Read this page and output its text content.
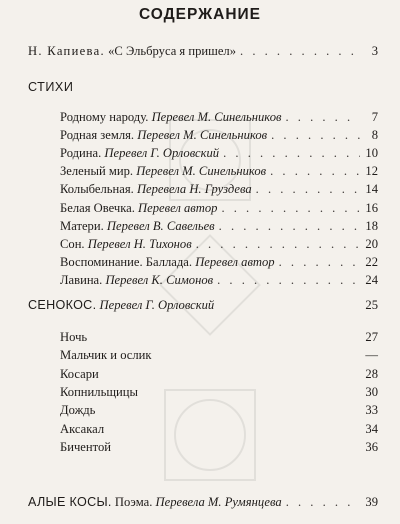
СОДЕРЖАНИЕ
Н. Капиева. «С Эльбруса я пришел» . . .	3
СТИХИ
Родному народу. Перевел М. Синельников . . .	7
Родная земля. Перевел М. Синельников . . .	8
Родина. Перевел Г. Орловский . . .	10
Зеленый мир. Перевел М. Синельников . . .	12
Колыбельная. Перевела Н. Груздева . . .	14
Белая Овечка. Перевел автор . . .	16
Матери. Перевел В. Савельев . . .	18
Сон. Перевел Н. Тихонов . . .	20
Воспоминание. Баллада. Перевел автор . . .	22
Лавина. Перевел К. Симонов . . .	24
СЕНОКОС. Перевел Г. Орловский	25
Ночь	27
Мальчик и ослик	—
Косари	28
Копнильщицы	30
Дождь	33
Аксакал	34
Бичентой	36
АЛЫЕ КОСЫ. Поэма. Перевела М. Румянцева . . .	39
